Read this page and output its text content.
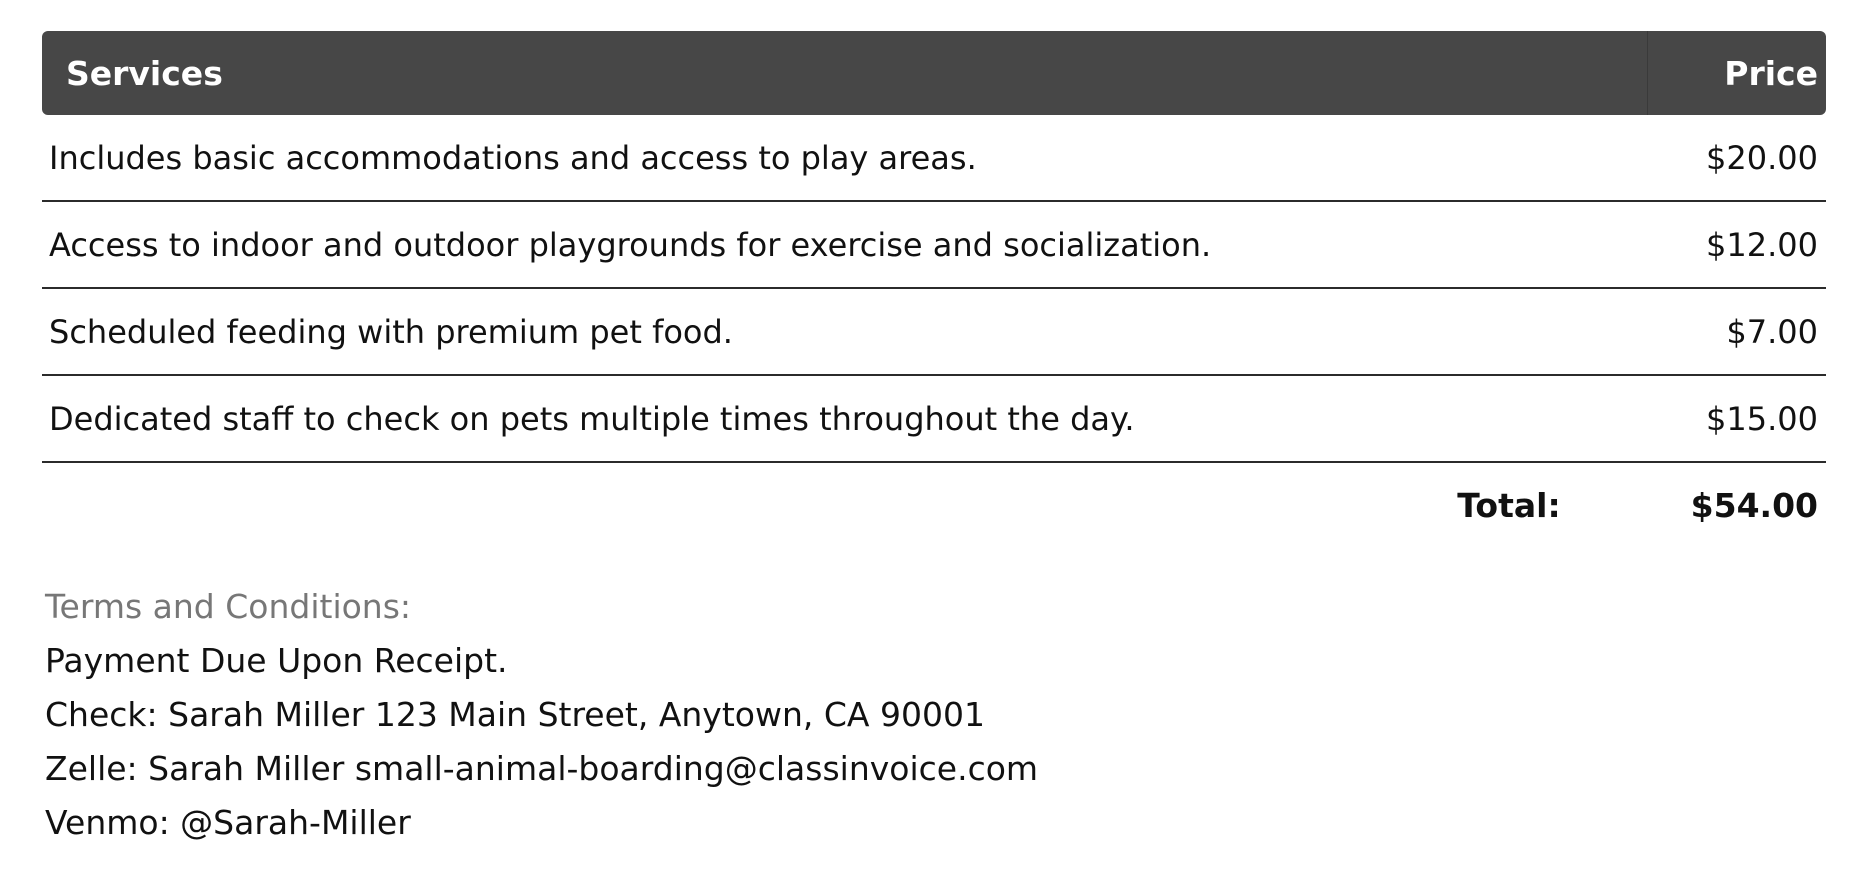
Services	Price
Includes basic accommodations and access to play areas.	$20.00
Access to indoor and outdoor playgrounds for exercise and socialization.	$12.00
Scheduled feeding with premium pet food.	$7.00
Dedicated staff to check on pets multiple times throughout the day.	$15.00
Total:	$54.00
Terms and Conditions:
Payment Due Upon Receipt.
Check: Sarah Miller 123 Main Street, Anytown, CA 90001
Zelle: Sarah Miller small-animal-boarding@classinvoice.com
Venmo: @Sarah-Miller
